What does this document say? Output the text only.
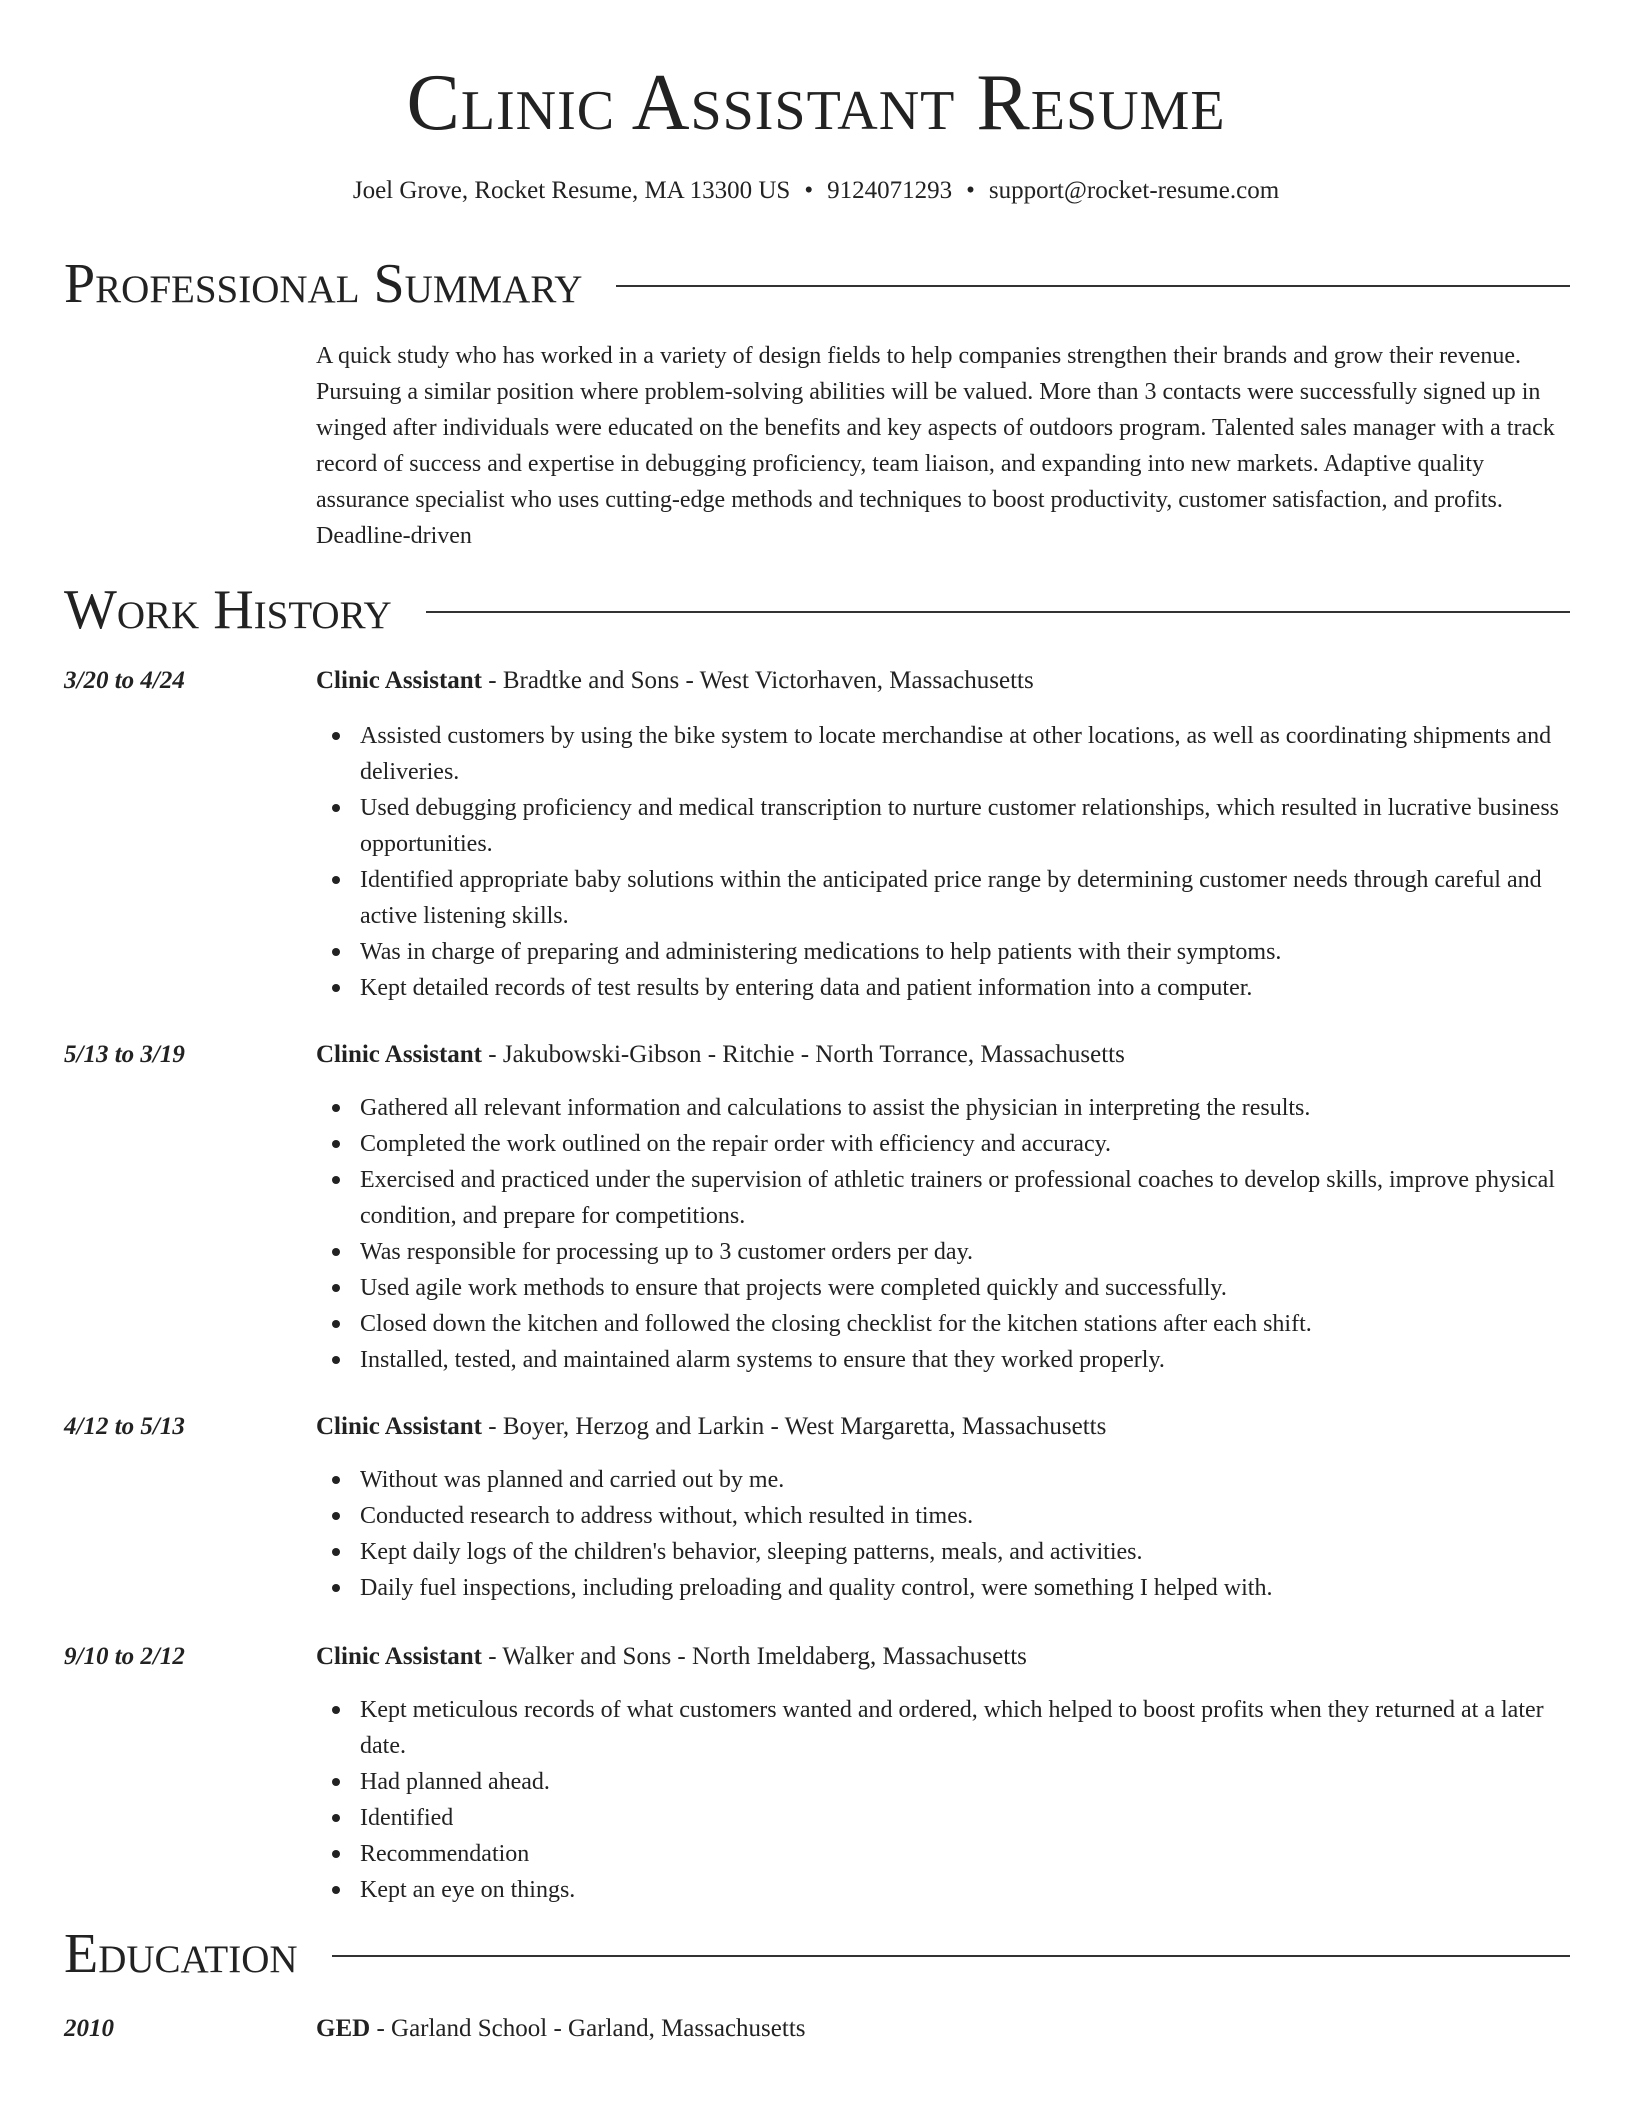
Clinic Assistant Resume
Joel Grove, Rocket Resume, MA 13300 US • 9124071293 • support@rocket-resume.com
Professional Summary

A quick study who has worked in a variety of design fields to help companies strengthen their brands and grow their revenue. Pursuing a similar position where problem-solving abilities will be valued. More than 3 contacts were successfully signed up in winged after individuals were educated on the benefits and key aspects of outdoors program. Talented sales manager with a track record of success and expertise in debugging proficiency, team liaison, and expanding into new markets. Adaptive quality assurance specialist who uses cutting-edge methods and techniques to boost productivity, customer satisfaction, and profits. Deadline-driven

Work History
3/20 to 4/24	Clinic Assistant - Bradtke and Sons - West Victorhaven, Massachusetts
Assisted customers by using the bike system to locate merchandise at other locations, as well as coordinating shipments and deliveries.
Used debugging proficiency and medical transcription to nurture customer relationships, which resulted in lucrative business opportunities.
Identified appropriate baby solutions within the anticipated price range by determining customer needs through careful and active listening skills.
Was in charge of preparing and administering medications to help patients with their symptoms.
Kept detailed records of test results by entering data and patient information into a computer.
5/13 to 3/19	Clinic Assistant - Jakubowski-Gibson - Ritchie - North Torrance, Massachusetts
Gathered all relevant information and calculations to assist the physician in interpreting the results.
Completed the work outlined on the repair order with efficiency and accuracy.
Exercised and practiced under the supervision of athletic trainers or professional coaches to develop skills, improve physical condition, and prepare for competitions.
Was responsible for processing up to 3 customer orders per day.
Used agile work methods to ensure that projects were completed quickly and successfully.
Closed down the kitchen and followed the closing checklist for the kitchen stations after each shift.
Installed, tested, and maintained alarm systems to ensure that they worked properly.
4/12 to 5/13	Clinic Assistant - Boyer, Herzog and Larkin - West Margaretta, Massachusetts
Without was planned and carried out by me.
Conducted research to address without, which resulted in times.
Kept daily logs of the children's behavior, sleeping patterns, meals, and activities.
Daily fuel inspections, including preloading and quality control, were something I helped with.
9/10 to 2/12	Clinic Assistant - Walker and Sons - North Imeldaberg, Massachusetts
Kept meticulous records of what customers wanted and ordered, which helped to boost profits when they returned at a later date.
Had planned ahead.
Identified
Recommendation
Kept an eye on things.
Education
2010	GED - Garland School - Garland, Massachusetts
